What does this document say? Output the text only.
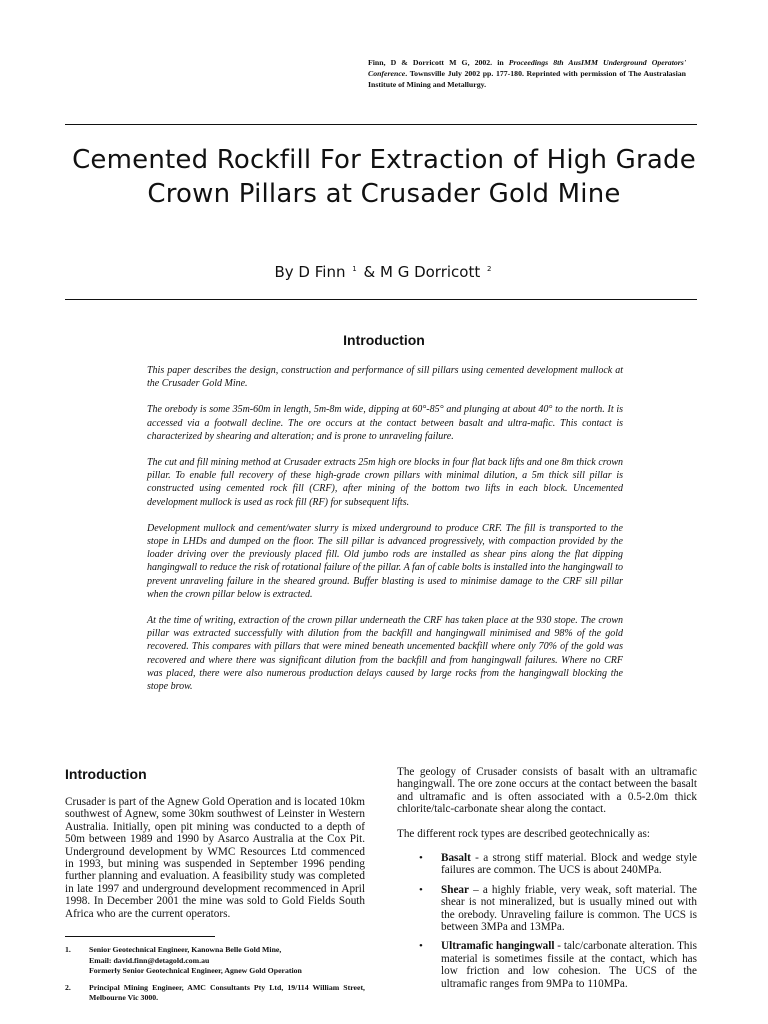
Finn, D & Dorricott M G, 2002. in Proceedings 8th AusIMM Underground Operators' Conference. Townsville July 2002 pp. 177-180. Reprinted with permission of The Australasian Institute of Mining and Metallurgy.
Cemented Rockfill For Extraction of High Grade Crown Pillars at Crusader Gold Mine
By D Finn $^1$ & M G Dorricott $^2$
Introduction

This paper describes the design, construction and performance of sill pillars using cemented development mullock at the Crusader Gold Mine.

The orebody is some 35m-60m in length, 5m-8m wide, dipping at 60°-85° and plunging at about 40° to the north. It is accessed via a footwall decline. The ore occurs at the contact between basalt and ultra-mafic. This contact is characterized by shearing and alteration; and is prone to unraveling failure.

The cut and fill mining method at Crusader extracts 25m high ore blocks in four flat back lifts and one 8m thick crown pillar. To enable full recovery of these high-grade crown pillars with minimal dilution, a 5m thick sill pillar is constructed using cemented rock fill (CRF), after mining of the bottom two lifts in each block. Uncemented development mullock is used as rock fill (RF) for subsequent lifts.

Development mullock and cement/water slurry is mixed underground to produce CRF. The fill is transported to the stope in LHDs and dumped on the floor. The sill pillar is advanced progressively, with compaction provided by the loader driving over the previously placed fill. Old jumbo rods are installed as shear pins along the flat dipping hangingwall to reduce the risk of rotational failure of the pillar. A fan of cable bolts is installed into the hangingwall to prevent unraveling failure in the sheared ground. Buffer blasting is used to minimise damage to the CRF sill pillar when the crown pillar below is extracted.

At the time of writing, extraction of the crown pillar underneath the CRF has taken place at the 930 stope. The crown pillar was extracted successfully with dilution from the backfill and hangingwall minimised and 98% of the gold recovered. This compares with pillars that were mined beneath uncemented backfill where only 70% of the gold was recovered and where there was significant dilution from the backfill and from hangingwall failures. Where no CRF was placed, there were also numerous production delays caused by large rocks from the hangingwall blocking the stope brow.

Introduction

Crusader is part of the Agnew Gold Operation and is located 10km southwest of Agnew, some 30km southwest of Leinster in Western Australia. Initially, open pit mining was conducted to a depth of 50m between 1989 and 1990 by Asarco Australia at the Cox Pit. Underground development by WMC Resources Ltd commenced in 1993, but mining was suspended in September 1996 pending further planning and evaluation. A feasibility study was completed in late 1997 and underground development recommenced in April 1998. In December 2001 the mine was sold to Gold Fields South Africa who are the current operators.

1.	Senior Geotechnical Engineer, Kanowna Belle Gold Mine,
Email: david.finn@detagold.com.au
Formerly Senior Geotechnical Engineer, Agnew Gold Operation
2.	Principal Mining Engineer, AMC Consultants Pty Ltd, 19/114 William Street, Melbourne Vic 3000.

The geology of Crusader consists of basalt with an ultramafic hangingwall. The ore zone occurs at the contact between the basalt and ultramafic and is often associated with a 0.5-2.0m thick chlorite/talc-carbonate shear along the contact.

The different rock types are described geotechnically as:

•	Basalt - a strong stiff material. Block and wedge style failures are common. The UCS is about 240MPa.
•	Shear – a highly friable, very weak, soft material. The shear is not mineralized, but is usually mined out with the orebody. Unraveling failure is common. The UCS is between 3MPa and 13MPa.
•	Ultramafic hangingwall - talc/carbonate alteration. This material is sometimes fissile at the contact, which has low friction and low cohesion. The UCS of the ultramafic ranges from 9MPa to 110MPa.
